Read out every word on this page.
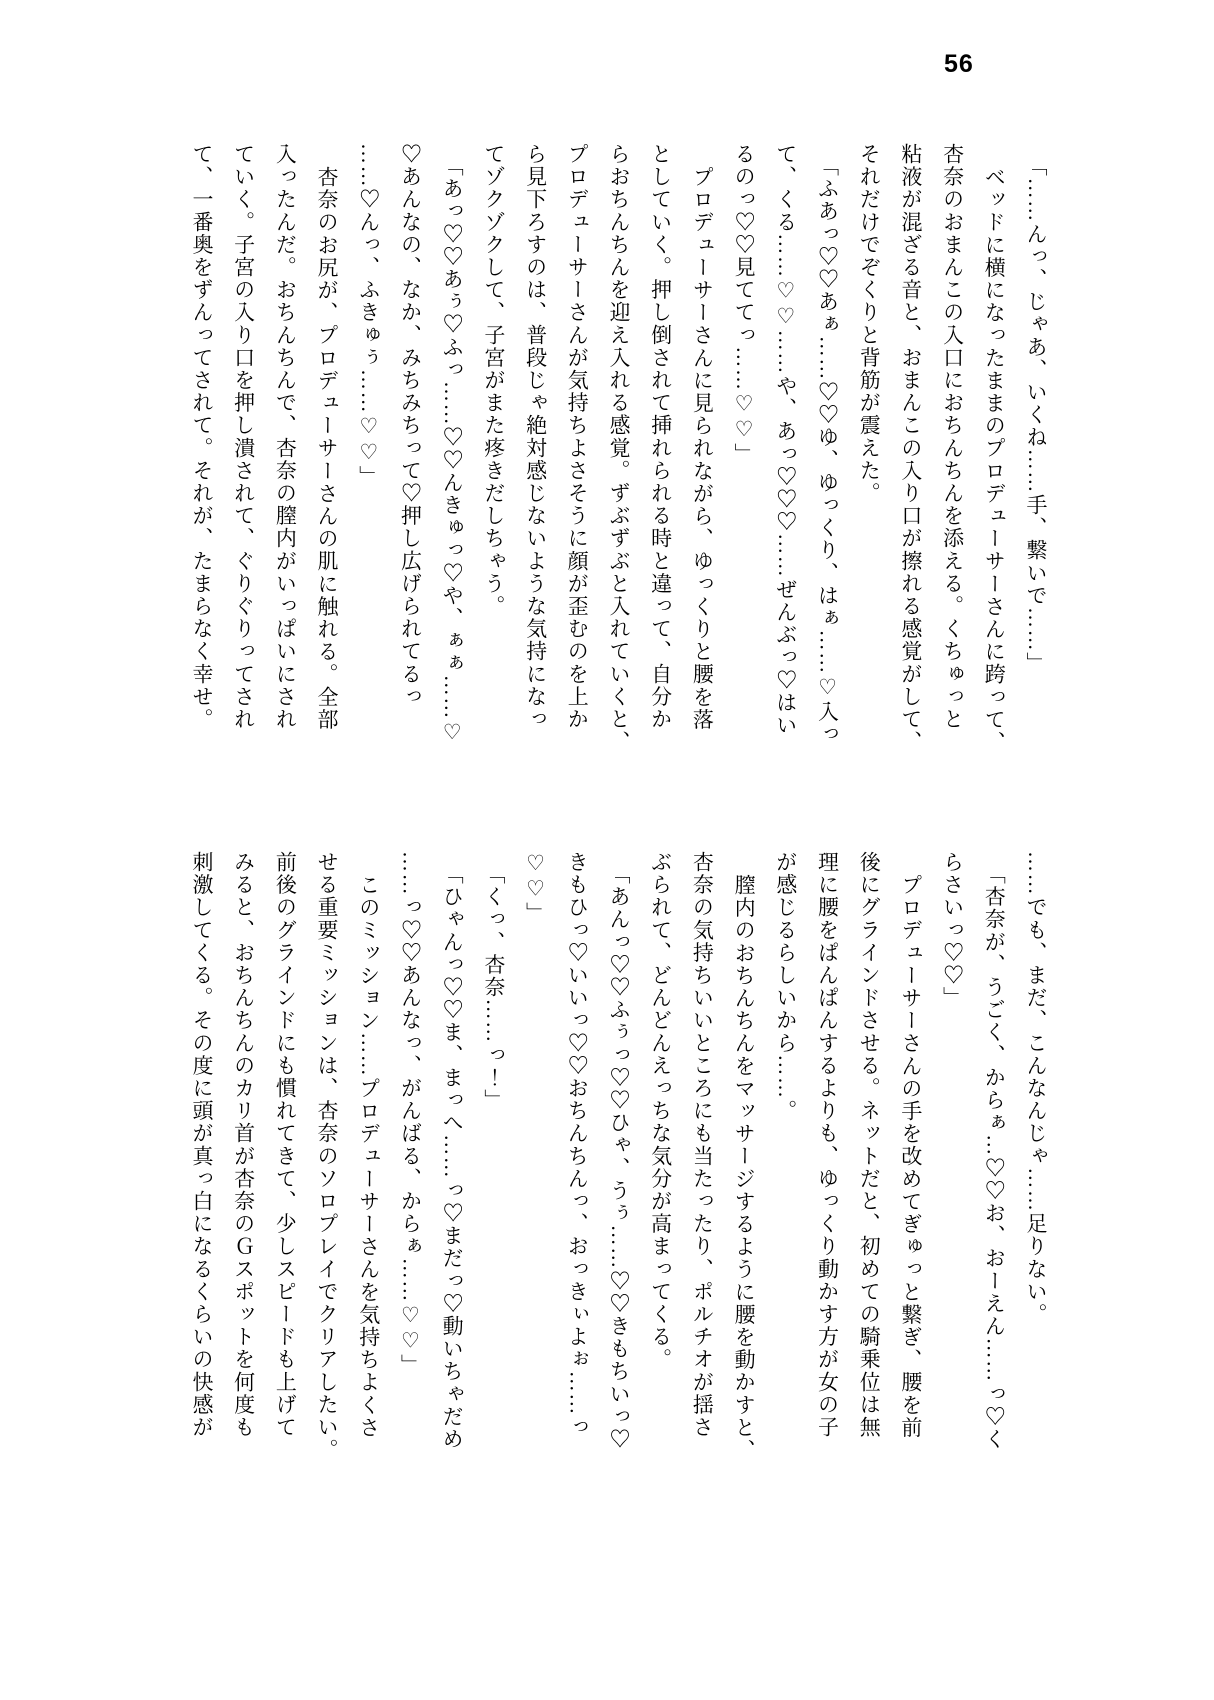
56
「……んっ、じゃあ、いくね……手、繋いで……」
ベッドに横になったままのプロデューサーさんに跨って、
杏奈のおまんこの入口におちんちんを添える。くちゅっと
粘液が混ざる音と、おまんこの入り口が擦れる感覚がして、
それだけでぞくりと背筋が震えた。
「ふあっ♡♡あぁ……♡♡ゆ、ゆっくり、はぁ……♡入っ
て、くる……♡♡……や、あっ♡♡♡……ぜんぶっ♡はい
るのっ♡♡見ててっ……♡♡」
プロデューサーさんに見られながら、ゆっくりと腰を落
としていく。押し倒されて挿れられる時と違って、自分か
らおちんちんを迎え入れる感覚。ずぶずぶと入れていくと、
プロデューサーさんが気持ちよさそうに顔が歪むのを上か
ら見下ろすのは、普段じゃ絶対感じないような気持になっ
てゾクゾクして、子宮がまた疼きだしちゃう。
「あっ♡♡あぅ♡ふっ……♡♡んきゅっ♡や、ぁぁ……♡
♡あんなの、なか、みちみちって♡押し広げられてるっ
……♡んっ、ふきゅぅ……♡♡」
杏奈のお尻が、プロデューサーさんの肌に触れる。全部
入ったんだ。おちんちんで、杏奈の膣内がいっぱいにされ
ていく。子宮の入り口を押し潰されて、ぐりぐりってされ
て、一番奥をずんってされて。それが、たまらなく幸せ。
……でも、まだ、こんなんじゃ……足りない。
「杏奈が、うごく、からぁ…♡♡お、おーえん……っ♡く
らさいっ♡♡」
プロデューサーさんの手を改めてぎゅっと繋ぎ、腰を前
後にグラインドさせる。ネットだと、初めての騎乗位は無
理に腰をぱんぱんするよりも、ゆっくり動かす方が女の子
が感じるらしいから……。
膣内のおちんちんをマッサージするように腰を動かすと、
杏奈の気持ちいいところにも当たったり、ポルチオが揺さ
ぶられて、どんどんえっちな気分が高まってくる。
「あんっ♡♡ふぅっ♡♡ひゃ、うぅ……♡♡きもちいっ♡
きもひっ♡いいっ♡♡おちんちんっ、おっきぃよぉ……っ
♡♡」
「くっ、杏奈……っ！」
「ひゃんっ♡♡ま、まっへ……っ♡まだっ♡動いちゃだめ
……っ♡♡あんなっ、がんばる、からぁ……♡♡」
このミッション……プロデューサーさんを気持ちよくさ
せる重要ミッションは、杏奈のソロプレイでクリアしたい。
前後のグラインドにも慣れてきて、少しスピードも上げて
みると、おちんちんのカリ首が杏奈のＧスポットを何度も
刺激してくる。その度に頭が真っ白になるくらいの快感が
